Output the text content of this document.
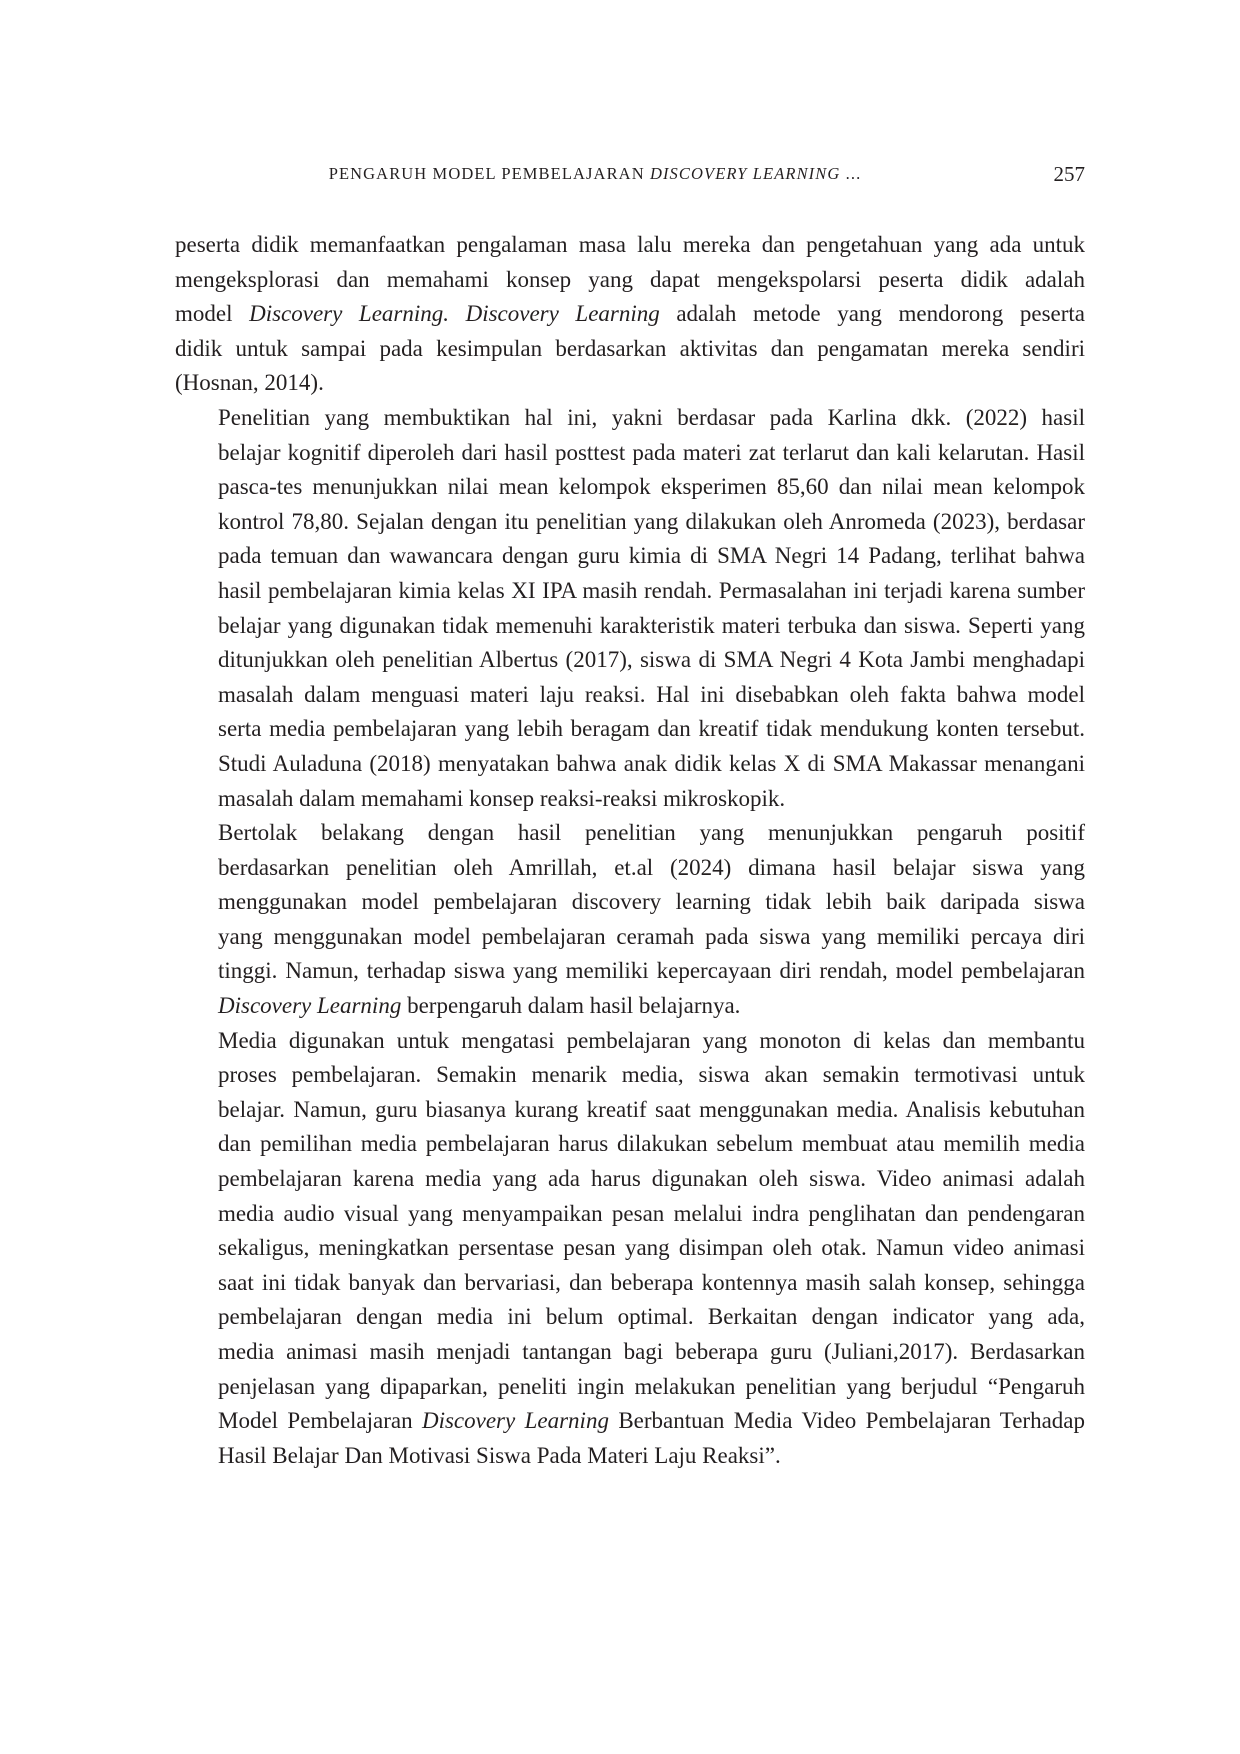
PENGARUH MODEL PEMBELAJARAN DISCOVERY LEARNING ...	257

peserta didik memanfaatkan pengalaman masa lalu mereka dan pengetahuan yang ada untuk
mengeksplorasi dan memahami konsep yang dapat mengekspolarsi peserta didik adalah
model Discovery Learning. Discovery Learning adalah metode yang mendorong peserta
didik untuk sampai pada kesimpulan berdasarkan aktivitas dan pengamatan mereka sendiri
(Hosnan, 2014).

Penelitian yang membuktikan hal ini, yakni berdasar pada Karlina dkk. (2022) hasil
belajar kognitif diperoleh dari hasil posttest pada materi zat terlarut dan kali kelarutan. Hasil
pasca-tes menunjukkan nilai mean kelompok eksperimen 85,60 dan nilai mean kelompok
kontrol 78,80. Sejalan dengan itu penelitian yang dilakukan oleh Anromeda (2023), berdasar
pada temuan dan wawancara dengan guru kimia di SMA Negri 14 Padang, terlihat bahwa
hasil pembelajaran kimia kelas XI IPA masih rendah. Permasalahan ini terjadi karena sumber
belajar yang digunakan tidak memenuhi karakteristik materi terbuka dan siswa. Seperti yang
ditunjukkan oleh penelitian Albertus (2017), siswa di SMA Negri 4 Kota Jambi menghadapi
masalah dalam menguasi materi laju reaksi. Hal ini disebabkan oleh fakta bahwa model
serta media pembelajaran yang lebih beragam dan kreatif tidak mendukung konten tersebut.
Studi Auladuna (2018) menyatakan bahwa anak didik kelas X di SMA Makassar menangani
masalah dalam memahami konsep reaksi-reaksi mikroskopik.

Bertolak belakang dengan hasil penelitian yang menunjukkan pengaruh positif
berdasarkan penelitian oleh Amrillah, et.al (2024) dimana hasil belajar siswa yang
menggunakan model pembelajaran discovery learning tidak lebih baik daripada siswa
yang menggunakan model pembelajaran ceramah pada siswa yang memiliki percaya diri
tinggi. Namun, terhadap siswa yang memiliki kepercayaan diri rendah, model pembelajaran
Discovery Learning berpengaruh dalam hasil belajarnya.

Media digunakan untuk mengatasi pembelajaran yang monoton di kelas dan membantu
proses pembelajaran. Semakin menarik media, siswa akan semakin termotivasi untuk
belajar. Namun, guru biasanya kurang kreatif saat menggunakan media. Analisis kebutuhan
dan pemilihan media pembelajaran harus dilakukan sebelum membuat atau memilih media
pembelajaran karena media yang ada harus digunakan oleh siswa. Video animasi adalah
media audio visual yang menyampaikan pesan melalui indra penglihatan dan pendengaran
sekaligus, meningkatkan persentase pesan yang disimpan oleh otak. Namun video animasi
saat ini tidak banyak dan bervariasi, dan beberapa kontennya masih salah konsep, sehingga
pembelajaran dengan media ini belum optimal. Berkaitan dengan indicator yang ada,
media animasi masih menjadi tantangan bagi beberapa guru (Juliani,2017). Berdasarkan
penjelasan yang dipaparkan, peneliti ingin melakukan penelitian yang berjudul “Pengaruh
Model Pembelajaran Discovery Learning Berbantuan Media Video Pembelajaran Terhadap
Hasil Belajar Dan Motivasi Siswa Pada Materi Laju Reaksi”.
